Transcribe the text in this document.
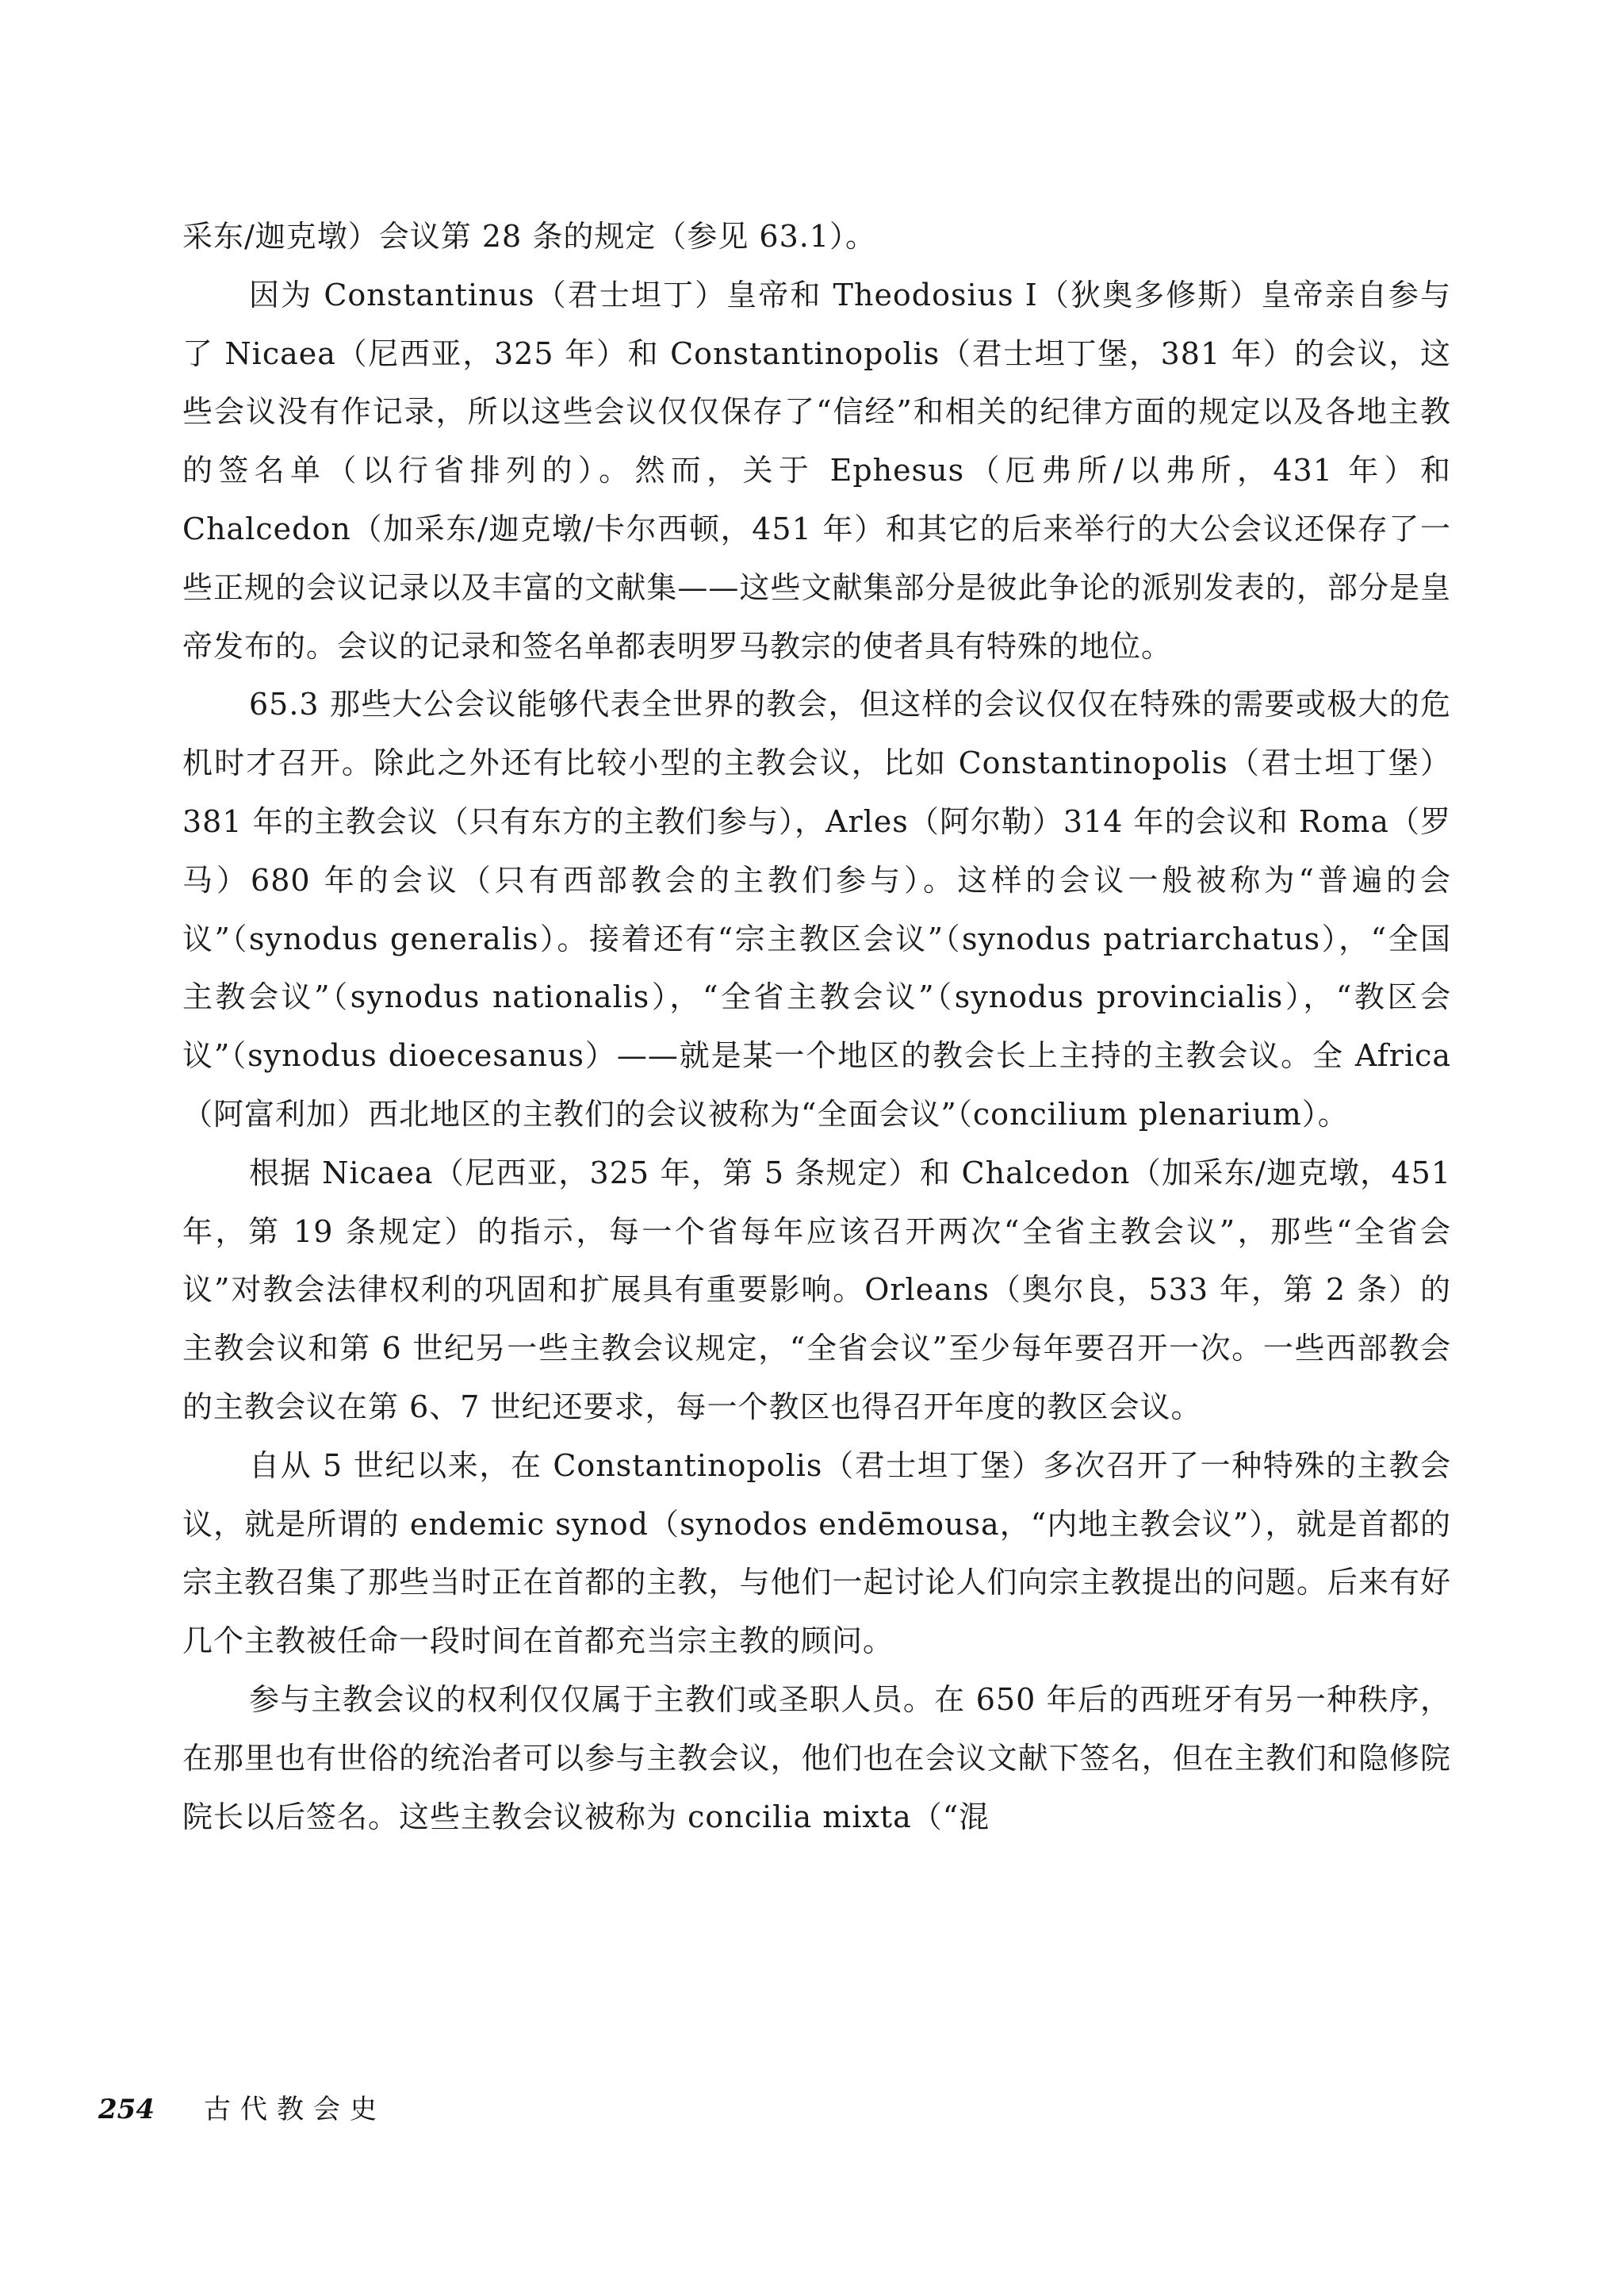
采东/迦克墩）会议第 28 条的规定（参见 63.1）。

因为 Constantinus（君士坦丁）皇帝和 Theodosius I（狄奥多修斯）皇帝亲自参与了 Nicaea（尼西亚，325 年）和 Constantinopolis（君士坦丁堡，381 年）的会议，这些会议没有作记录，所以这些会议仅仅保存了“信经”和相关的纪律方面的规定以及各地主教的签名单（以行省排列的）。然而，关于 Ephesus（厄弗所/以弗所，431 年）和 Chalcedon（加采东/迦克墩/卡尔西顿，451 年）和其它的后来举行的大公会议还保存了一些正规的会议记录以及丰富的文献集——这些文献集部分是彼此争论的派别发表的，部分是皇帝发布的。会议的记录和签名单都表明罗马教宗的使者具有特殊的地位。

65.3 那些大公会议能够代表全世界的教会，但这样的会议仅仅在特殊的需要或极大的危机时才召开。除此之外还有比较小型的主教会议，比如 Constantinopolis（君士坦丁堡）381 年的主教会议（只有东方的主教们参与），Arles（阿尔勒）314 年的会议和 Roma（罗马）680 年的会议（只有西部教会的主教们参与）。这样的会议一般被称为“普遍的会议”（synodus generalis）。接着还有“宗主教区会议”（synodus patriarchatus），“全国主教会议”（synodus nationalis），“全省主教会议”（synodus provincialis），“教区会议”（synodus dioecesanus）——就是某一个地区的教会长上主持的主教会议。全 Africa（阿富利加）西北地区的主教们的会议被称为“全面会议”（concilium plenarium）。

根据 Nicaea（尼西亚，325 年，第 5 条规定）和 Chalcedon（加采东/迦克墩，451 年，第 19 条规定）的指示，每一个省每年应该召开两次“全省主教会议”，那些“全省会议”对教会法律权利的巩固和扩展具有重要影响。Orleans（奥尔良，533 年，第 2 条）的主教会议和第 6 世纪另一些主教会议规定，“全省会议”至少每年要召开一次。一些西部教会的主教会议在第 6、7 世纪还要求，每一个教区也得召开年度的教区会议。

自从 5 世纪以来，在 Constantinopolis（君士坦丁堡）多次召开了一种特殊的主教会议，就是所谓的 endemic synod（synodos endēmousa，“内地主教会议”），就是首都的宗主教召集了那些当时正在首都的主教，与他们一起讨论人们向宗主教提出的问题。后来有好几个主教被任命一段时间在首都充当宗主教的顾问。

参与主教会议的权利仅仅属于主教们或圣职人员。在 650 年后的西班牙有另一种秩序，在那里也有世俗的统治者可以参与主教会议，他们也在会议文献下签名，但在主教们和隐修院院长以后签名。这些主教会议被称为 concilia mixta（“混

254 古代教会史
